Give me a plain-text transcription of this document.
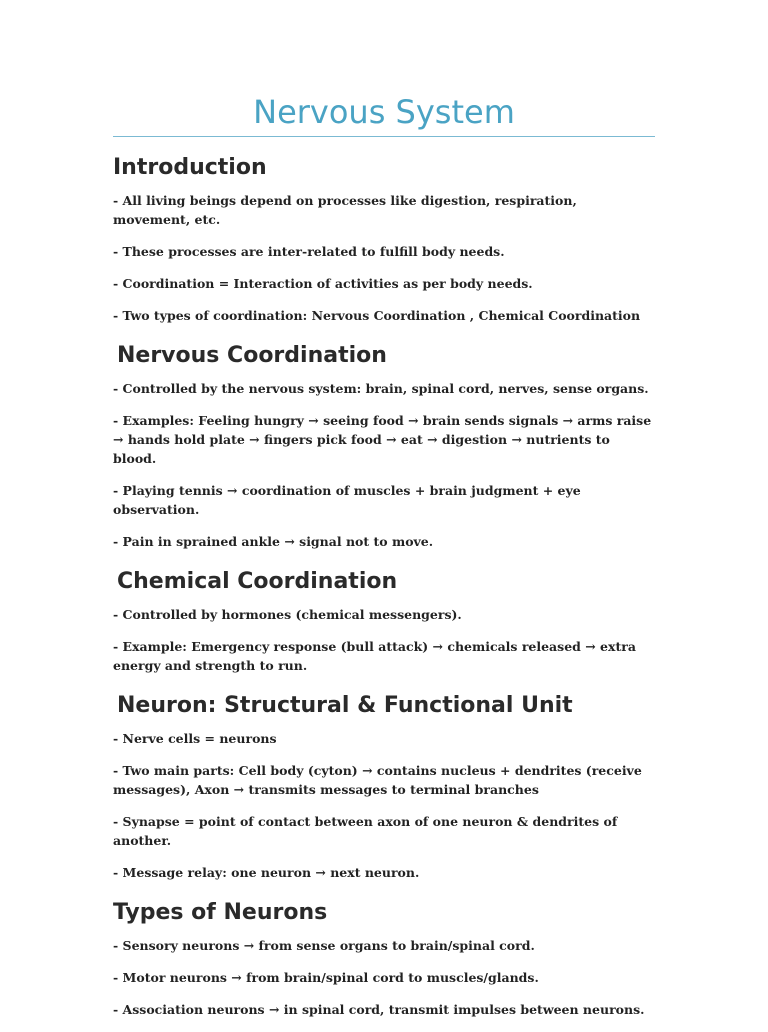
Nervous System
Introduction

- All living beings depend on processes like digestion, respiration, movement, etc.

- These processes are inter-related to fulfill body needs.

- Coordination = Interaction of activities as per body needs.

- Two types of coordination: Nervous Coordination , Chemical Coordination

Nervous Coordination

- Controlled by the nervous system: brain, spinal cord, nerves, sense organs.

- Examples: Feeling hungry → seeing food → brain sends signals → arms raise → hands hold plate → fingers pick food → eat → digestion → nutrients to blood.

- Playing tennis → coordination of muscles + brain judgment + eye observation.

- Pain in sprained ankle → signal not to move.

Chemical Coordination

- Controlled by hormones (chemical messengers).

- Example: Emergency response (bull attack) → chemicals released → extra energy and strength to run.

Neuron: Structural & Functional Unit

- Nerve cells = neurons

- Two main parts: Cell body (cyton) → contains nucleus + dendrites (receive messages), Axon → transmits messages to terminal branches

- Synapse = point of contact between axon of one neuron & dendrites of another.

- Message relay: one neuron → next neuron.

Types of Neurons

- Sensory neurons → from sense organs to brain/spinal cord.

- Motor neurons → from brain/spinal cord to muscles/glands.

- Association neurons → in spinal cord, transmit impulses between neurons.
